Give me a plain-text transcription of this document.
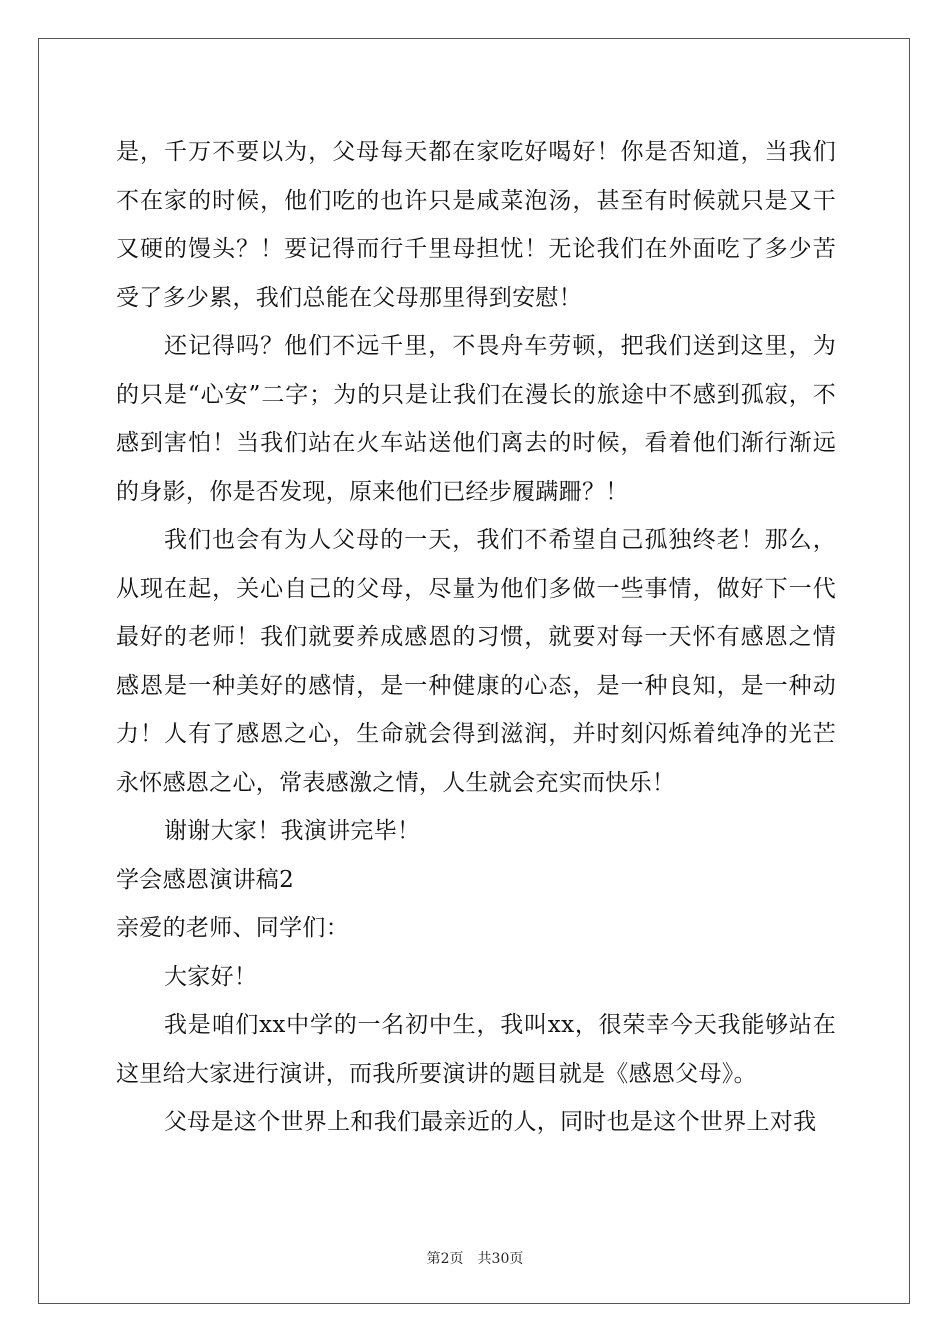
是，千万不要以为，父母每天都在家吃好喝好！你是否知道，当我们不在家的时候，他们吃的也许只是咸菜泡汤，甚至有时候就只是又干又硬的馒头？！要记得而行千里母担忧！无论我们在外面吃了多少苦受了多少累，我们总能在父母那里得到安慰！

还记得吗？他们不远千里，不畏舟车劳顿，把我们送到这里，为的只是“心安”二字；为的只是让我们在漫长的旅途中不感到孤寂，不感到害怕！当我们站在火车站送他们离去的时候，看着他们渐行渐远的身影，你是否发现，原来他们已经步履蹒跚？！

我们也会有为人父母的一天，我们不希望自己孤独终老！那么，从现在起，关心自己的父母，尽量为他们多做一些事情，做好下一代最好的老师！我们就要养成感恩的习惯，就要对每一天怀有感恩之情感恩是一种美好的感情，是一种健康的心态，是一种良知，是一种动力！人有了感恩之心，生命就会得到滋润，并时刻闪烁着纯净的光芒永怀感恩之心，常表感激之情，人生就会充实而快乐！

谢谢大家！我演讲完毕！

学会感恩演讲稿2

亲爱的老师、同学们：

大家好！

我是咱们xx中学的一名初中生，我叫xx，很荣幸今天我能够站在这里给大家进行演讲，而我所要演讲的题目就是《感恩父母》。

父母是这个世界上和我们最亲近的人，同时也是这个世界上对我

第2页　共30页
